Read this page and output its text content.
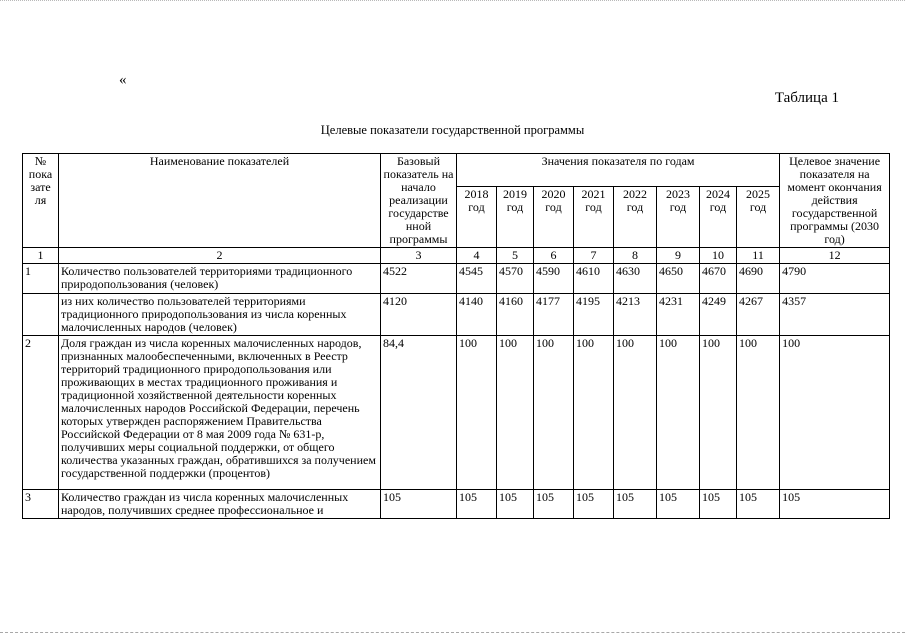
«
Таблица 1
Целевые показатели государственной программы
№ пока зате ля	Наименование показателей	Базовый показатель на начало реализации государстве нной программы	Значения показателя по годам								Целевое значение показателя на момент окончания действия государственной программы (2030 год)
			2018 год	2019 год	2020 год	2021 год	2022 год	2023 год	2024 год	2025 год	
1	2	3	4	5	6	7	8	9	10	11	12
1	Количество пользователей территориями традиционного природопользования (человек)	4522	4545	4570	4590	4610	4630	4650	4670	4690	4790
	из них количество пользователей территориями традиционного природопользования из числа коренных малочисленных народов (человек)	4120	4140	4160	4177	4195	4213	4231	4249	4267	4357
2	Доля граждан из числа коренных малочисленных народов, признанных малообеспеченными, включенных в Реестр территорий традиционного природопользования или проживающих в местах традиционного проживания и традиционной хозяйственной деятельности коренных малочисленных народов Российской Федерации, перечень которых утвержден распоряжением Правительства Российской Федерации от 8 мая 2009 года № 631-р, получивших меры социальной поддержки, от общего количества указанных граждан, обратившихся за получением государственной поддержки (процентов)	84,4	100	100	100	100	100	100	100	100	100
3	Количество граждан из числа коренных малочисленных народов, получивших среднее профессиональное и	105	105	105	105	105	105	105	105	105	105
